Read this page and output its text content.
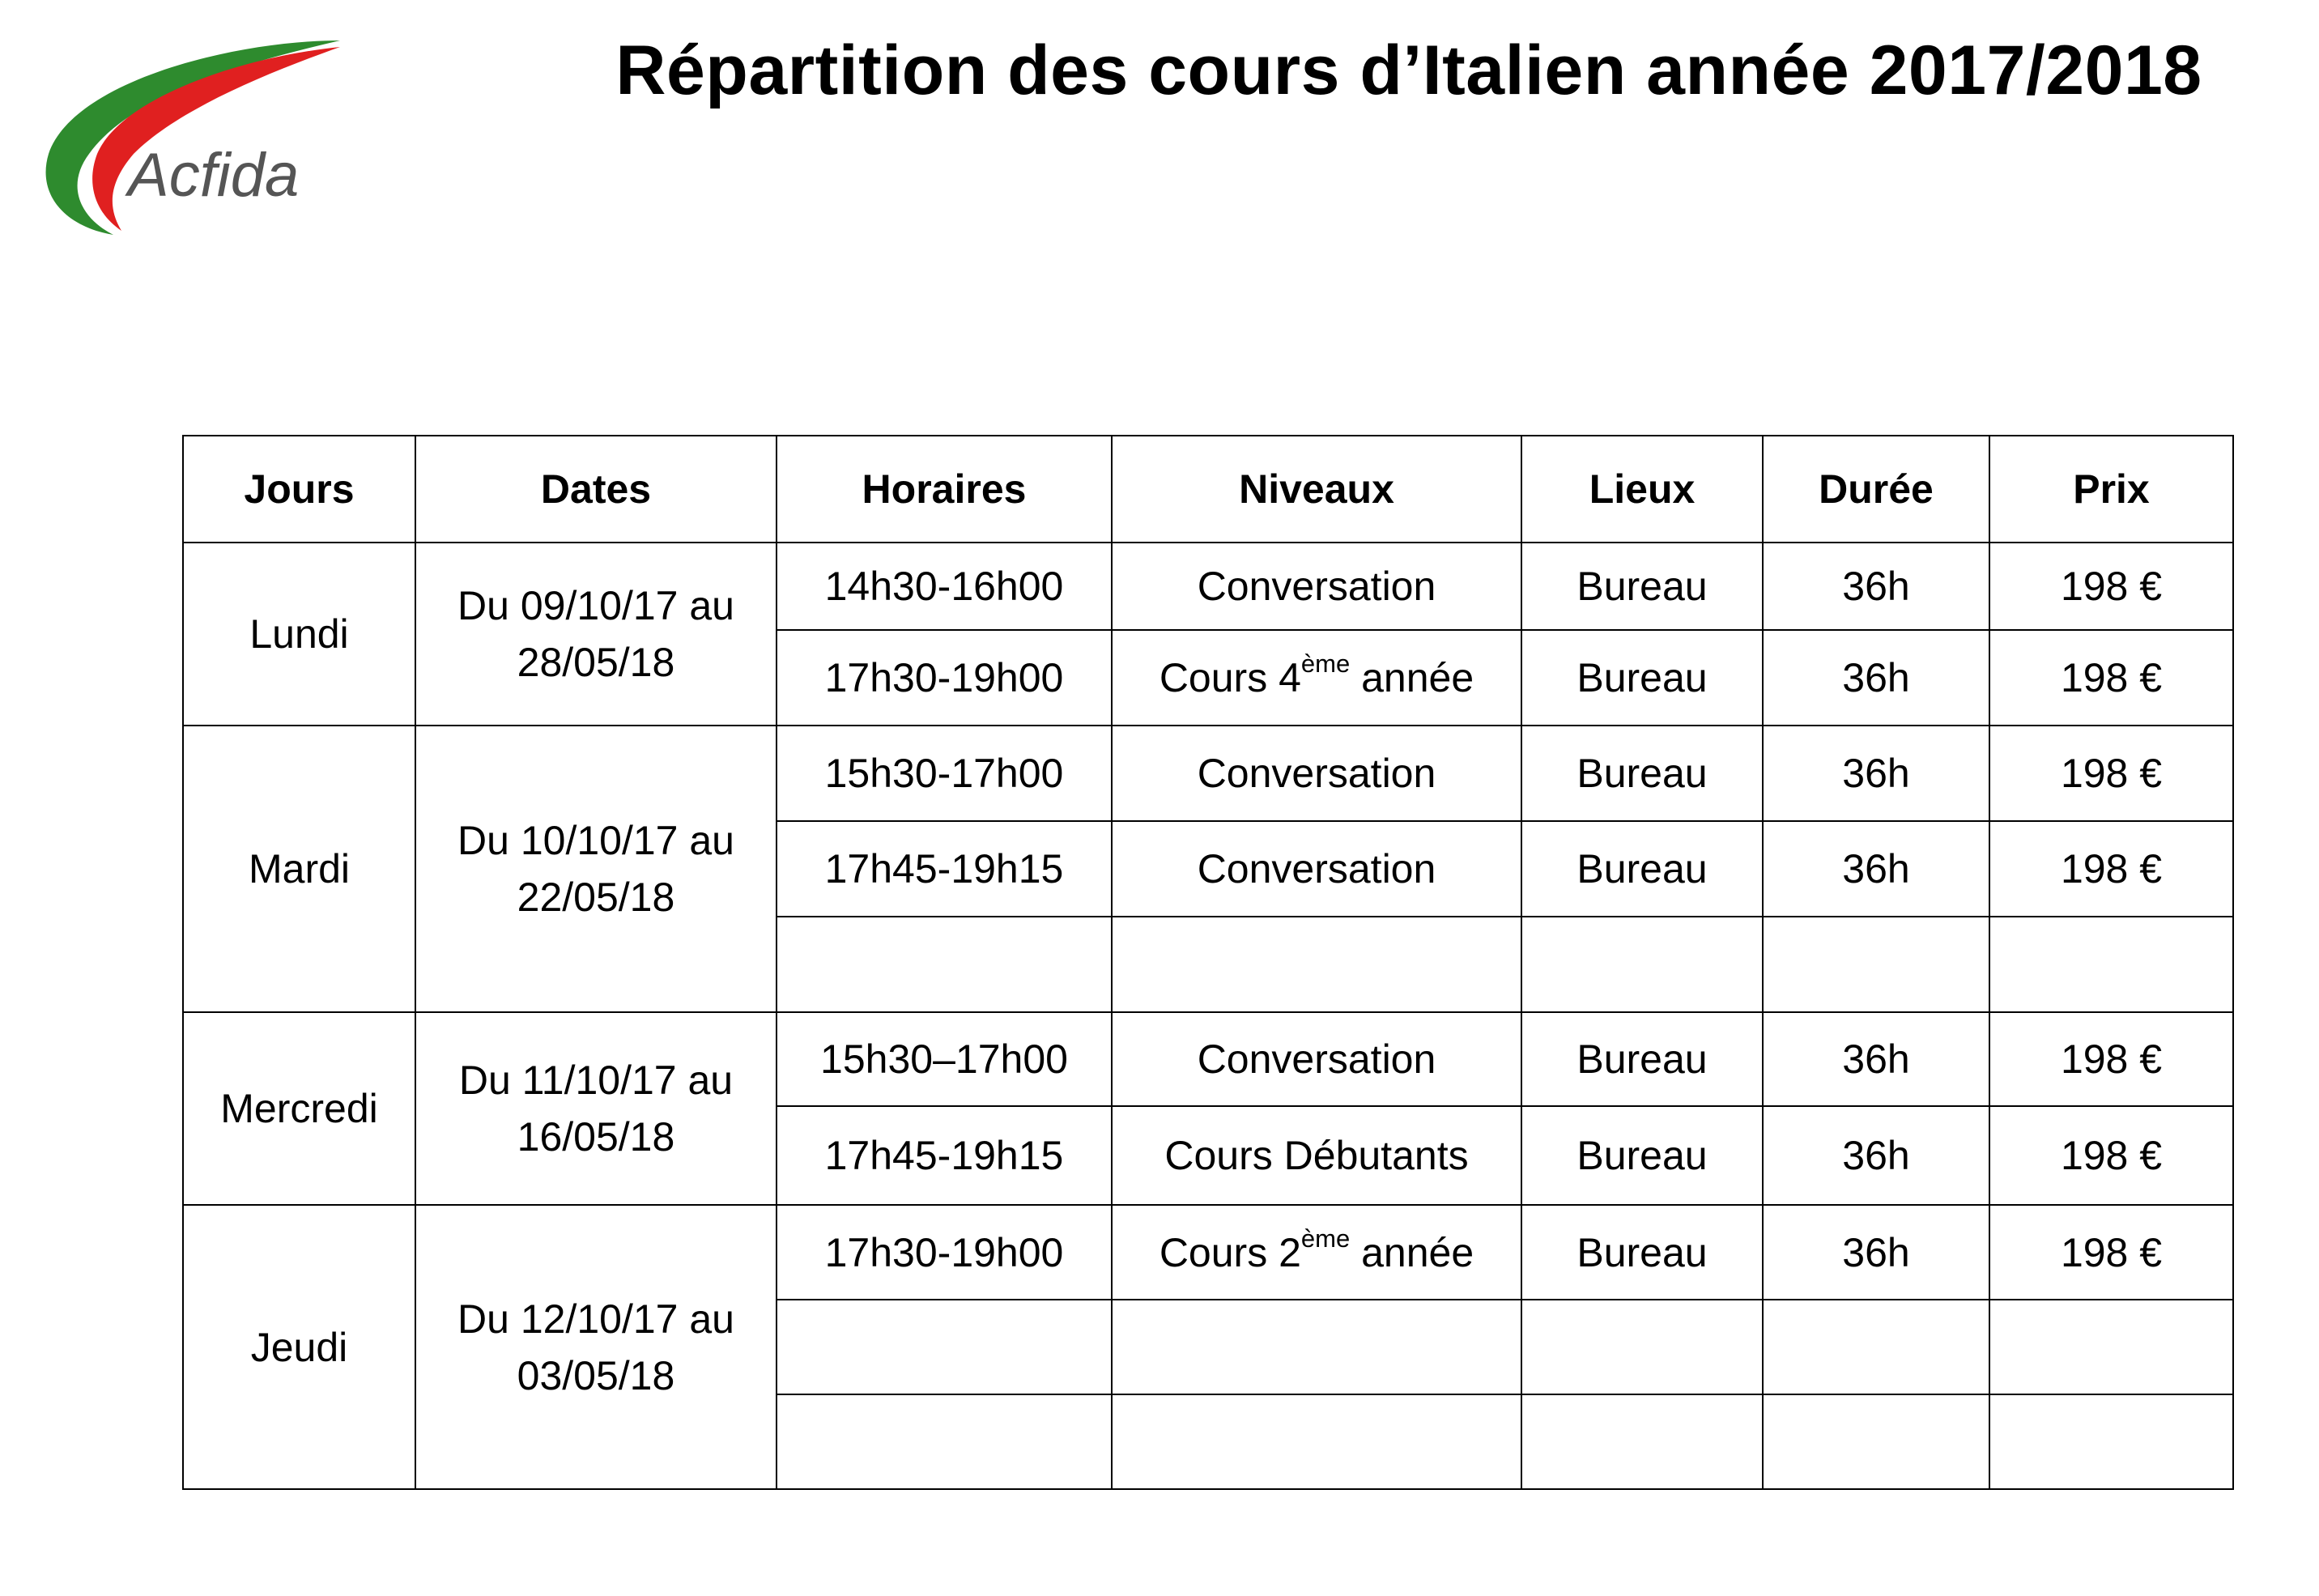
Acfida
Répartition des cours d’Italien année 2017/2018
Jours	Dates	Horaires	Niveaux	Lieux	Durée	Prix
Lundi	Du 09/10/17 au 28/05/18	14h30-16h00	Conversation	Bureau	36h	198 €
		17h30-19h00	Cours 4ème année	Bureau	36h	198 €
Mardi	Du 10/10/17 au 22/05/18	15h30-17h00	Conversation	Bureau	36h	198 €
		17h45-19h15	Conversation	Bureau	36h	198 €

Mercredi	Du 11/10/17 au 16/05/18	15h30–17h00	Conversation	Bureau	36h	198 €
		17h45-19h15	Cours Débutants	Bureau	36h	198 €
Jeudi	Du 12/10/17 au 03/05/18	17h30-19h00	Cours 2ème année	Bureau	36h	198 €
